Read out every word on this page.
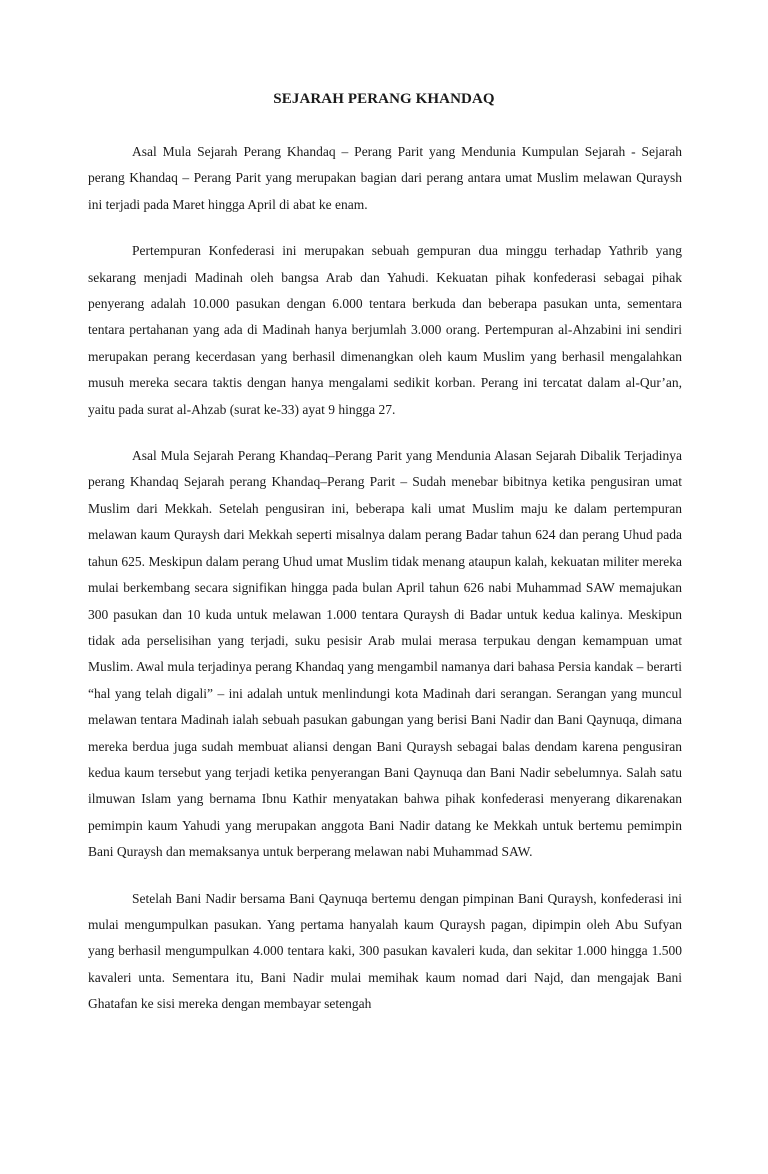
SEJARAH PERANG KHANDAQ

Asal Mula Sejarah Perang Khandaq – Perang Parit yang Mendunia Kumpulan Sejarah - Sejarah perang Khandaq – Perang Parit yang merupakan bagian dari perang antara umat Muslim melawan Quraysh ini terjadi pada Maret hingga April di abat ke enam.

Pertempuran Konfederasi ini merupakan sebuah gempuran dua minggu terhadap Yathrib yang sekarang menjadi Madinah oleh bangsa Arab dan Yahudi. Kekuatan pihak konfederasi sebagai pihak penyerang adalah 10.000 pasukan dengan 6.000 tentara berkuda dan beberapa pasukan unta, sementara tentara pertahanan yang ada di Madinah hanya berjumlah 3.000 orang. Pertempuran al-Ahzabini ini sendiri merupakan perang kecerdasan yang berhasil dimenangkan oleh kaum Muslim yang berhasil mengalahkan musuh mereka secara taktis dengan hanya mengalami sedikit korban. Perang ini tercatat dalam al-Qur’an, yaitu pada surat al-Ahzab (surat ke-33) ayat 9 hingga 27.

Asal Mula Sejarah Perang Khandaq–Perang Parit yang Mendunia Alasan Sejarah Dibalik Terjadinya perang Khandaq Sejarah perang Khandaq–Perang Parit – Sudah menebar bibitnya ketika pengusiran umat Muslim dari Mekkah. Setelah pengusiran ini, beberapa kali umat Muslim maju ke dalam pertempuran melawan kaum Quraysh dari Mekkah seperti misalnya dalam perang Badar tahun 624 dan perang Uhud pada tahun 625. Meskipun dalam perang Uhud umat Muslim tidak menang ataupun kalah, kekuatan militer mereka mulai berkembang secara signifikan hingga pada bulan April tahun 626 nabi Muhammad SAW memajukan 300 pasukan dan 10 kuda untuk melawan 1.000 tentara Quraysh di Badar untuk kedua kalinya. Meskipun tidak ada perselisihan yang terjadi, suku pesisir Arab mulai merasa terpukau dengan kemampuan umat Muslim. Awal mula terjadinya perang Khandaq yang mengambil namanya dari bahasa Persia kandak – berarti “hal yang telah digali” – ini adalah untuk menlindungi kota Madinah dari serangan. Serangan yang muncul melawan tentara Madinah ialah sebuah pasukan gabungan yang berisi Bani Nadir dan Bani Qaynuqa, dimana mereka berdua juga sudah membuat aliansi dengan Bani Quraysh sebagai balas dendam karena pengusiran kedua kaum tersebut yang terjadi ketika penyerangan Bani Qaynuqa dan Bani Nadir sebelumnya. Salah satu ilmuwan Islam yang bernama Ibnu Kathir menyatakan bahwa pihak konfederasi menyerang dikarenakan pemimpin kaum Yahudi yang merupakan anggota Bani Nadir datang ke Mekkah untuk bertemu pemimpin Bani Quraysh dan memaksanya untuk berperang melawan nabi Muhammad SAW.

Setelah Bani Nadir bersama Bani Qaynuqa bertemu dengan pimpinan Bani Quraysh, konfederasi ini mulai mengumpulkan pasukan. Yang pertama hanyalah kaum Quraysh pagan, dipimpin oleh Abu Sufyan yang berhasil mengumpulkan 4.000 tentara kaki, 300 pasukan kavaleri kuda, dan sekitar 1.000 hingga 1.500 kavaleri unta. Sementara itu, Bani Nadir mulai memihak kaum nomad dari Najd, dan mengajak Bani Ghatafan ke sisi mereka dengan membayar setengah
